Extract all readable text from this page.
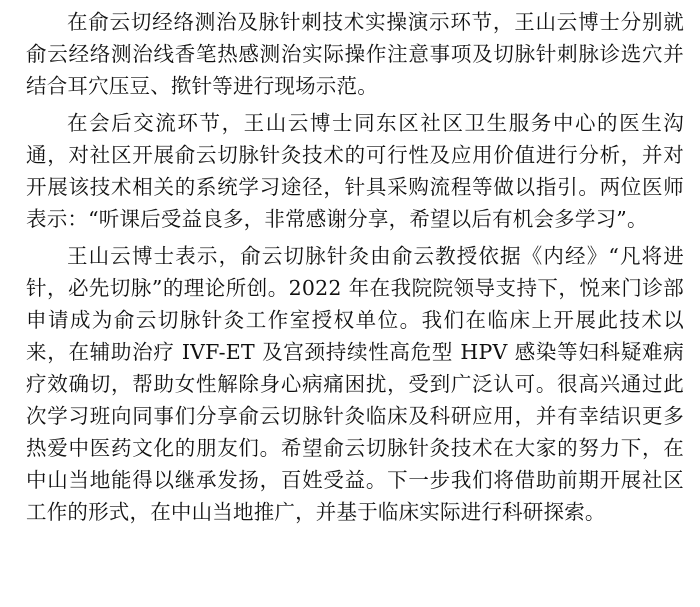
在俞云切经络测治及脉针刺技术实操演示环节，王山云博士分别就俞云经络测治线香笔热感测治实际操作注意事项及切脉针刺脉诊选穴并结合耳穴压豆、揿针等进行现场示范。

在会后交流环节，王山云博士同东区社区卫生服务中心的医生沟通，对社区开展俞云切脉针灸技术的可行性及应用价值进行分析，并对开展该技术相关的系统学习途径，针具采购流程等做以指引。两位医师表示：“听课后受益良多，非常感谢分享，希望以后有机会多学习”。

王山云博士表示，俞云切脉针灸由俞云教授依据《内经》“凡将进针，必先切脉”的理论所创。2022 年在我院院领导支持下，悦来门诊部申请成为俞云切脉针灸工作室授权单位。我们在临床上开展此技术以来，在辅助治疗 IVF-ET 及宫颈持续性高危型 HPV 感染等妇科疑难病疗效确切，帮助女性解除身心病痛困扰，受到广泛认可。很高兴通过此次学习班向同事们分享俞云切脉针灸临床及科研应用，并有幸结识更多热爱中医药文化的朋友们。希望俞云切脉针灸技术在大家的努力下，在中山当地能得以继承发扬，百姓受益。下一步我们将借助前期开展社区工作的形式，在中山当地推广，并基于临床实际进行科研探索。
